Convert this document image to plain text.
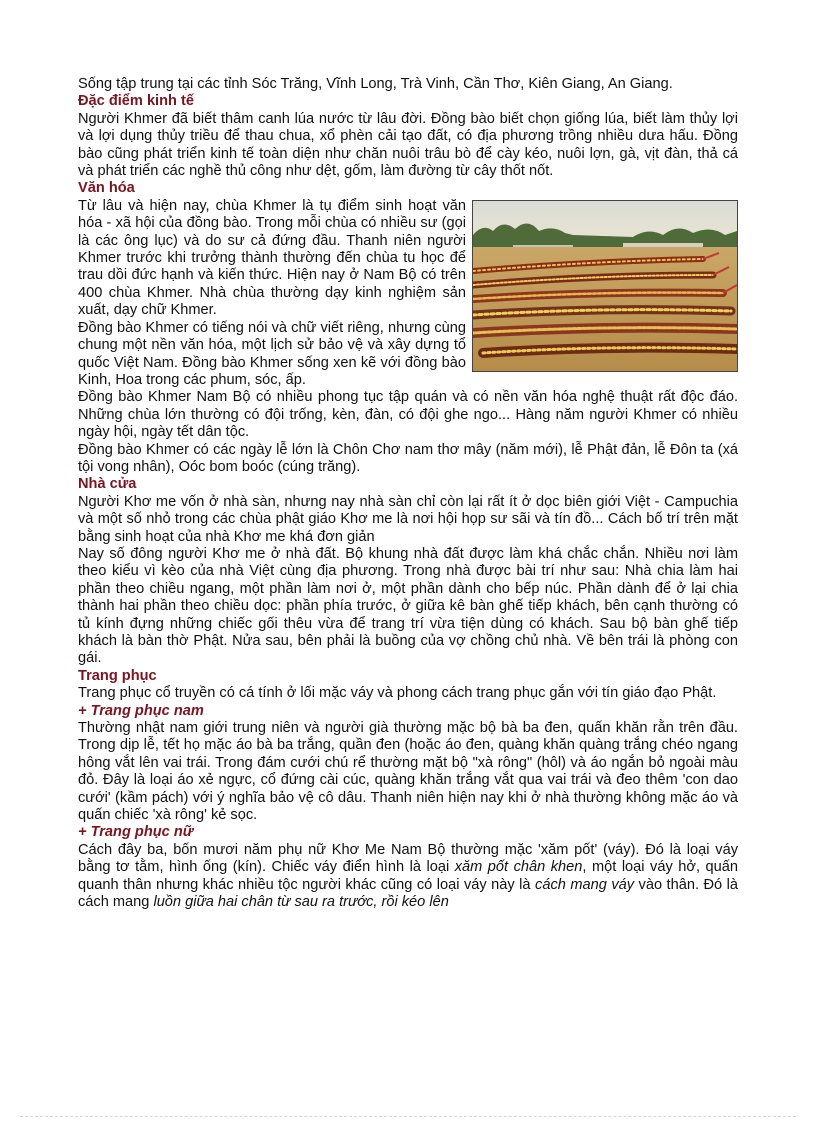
Sống tập trung tại các tỉnh Sóc Trăng, Vĩnh Long, Trà Vinh, Cần Thơ, Kiên Giang, An Giang.

Đặc điểm kinh tế

Người Khmer đã biết thâm canh lúa nước từ lâu đời. Đồng bào biết chọn giống lúa, biết làm thủy lợi và lợi dụng thủy triều để thau chua, xổ phèn cải tạo đất, có địa phương trồng nhiều dưa hấu. Đồng bào cũng phát triển kinh tế toàn diện như chăn nuôi trâu bò để cày kéo, nuôi lợn, gà, vịt đàn, thả cá và phát triển các nghề thủ công như dệt, gốm, làm đường từ cây thốt nốt.

Văn hóa

Từ lâu và hiện nay, chùa Khmer là tụ điểm sinh hoạt văn hóa - xã hội của đồng bào. Trong mỗi chùa có nhiều sư (gọi là các ông lục) và do sư cả đứng đầu. Thanh niên người Khmer trước khi trưởng thành thường đến chùa tu học để trau dồi đức hạnh và kiến thức. Hiện nay ở Nam Bộ có trên 400 chùa Khmer. Nhà chùa thường dạy kinh nghiệm sản xuất, dạy chữ Khmer.

Đồng bào Khmer có tiếng nói và chữ viết riêng, nhưng cùng chung một nền văn hóa, một lịch sử bảo vệ và xây dựng tổ quốc Việt Nam. Đồng bào Khmer sống xen kẽ với đồng bào Kinh, Hoa trong các phum, sóc, ấp.

Đồng bào Khmer Nam Bộ có nhiều phong tục tập quán và có nền văn hóa nghệ thuật rất độc đáo. Những chùa lớn thường có đội trống, kèn, đàn, có đội ghe ngo... Hàng năm người Khmer có nhiều ngày hội, ngày tết dân tộc.

Đồng bào Khmer có các ngày lễ lớn là Chôn Chơ nam thơ mây (năm mới), lễ Phật đản, lễ Đôn ta (xá tội vong nhân), Oóc bom boóc (cúng trăng).

Nhà cửa

Người Khơ me vốn ở nhà sàn, nhưng nay nhà sàn chỉ còn lại rất ít ở dọc biên giới Việt - Campuchia và một số nhỏ trong các chùa phật giáo Khơ me là nơi hội họp sư sãi và tín đồ... Cách bố trí trên mặt bằng sinh hoạt của nhà Khơ me khá đơn giản

Nay số đông người Khơ me ở nhà đất. Bộ khung nhà đất được làm khá chắc chắn. Nhiều nơi làm theo kiểu vì kèo của nhà Việt cùng địa phương. Trong nhà được bài trí như sau: Nhà chia làm hai phần theo chiều ngang, một phần làm nơi ở, một phần dành cho bếp núc. Phần dành để ở lại chia thành hai phần theo chiều dọc: phần phía trước, ở giữa kê bàn ghế tiếp khách, bên cạnh thường có tủ kính đựng những chiếc gối thêu vừa để trang trí vừa tiện dùng có khách. Sau bộ bàn ghế tiếp khách là bàn thờ Phật. Nửa sau, bên phải là buồng của vợ chồng chủ nhà. Về bên trái là phòng con gái.

Trang phục

Trang phục cổ truyền có cá tính ở lối mặc váy và phong cách trang phục gắn với tín giáo đạo Phật.

+ Trang phục nam

Thường nhật nam giới trung niên và người già thường mặc bộ bà ba đen, quấn khăn rằn trên đầu. Trong dịp lễ, tết họ mặc áo bà ba trắng, quần đen (hoặc áo đen, quàng khăn quàng trắng chéo ngang hông vắt lên vai trái. Trong đám cưới chú rể thường mặt bộ "xà rông" (hôl) và áo ngắn bỏ ngoài màu đỏ. Đây là loại áo xẻ ngực, cổ đứng cài cúc, quàng khăn trắng vắt qua vai trái và đeo thêm 'con dao cưới' (kầm pách) với ý nghĩa bảo vệ cô dâu. Thanh niên hiện nay khi ở nhà thường không mặc áo và quấn chiếc 'xà rông' kẻ sọc.

+ Trang phục nữ

Cách đây ba, bốn mươi năm phụ nữ Khơ Me Nam Bộ thường mặc 'xăm pốt' (váy). Đó là loại váy bằng tơ tằm, hình ống (kín). Chiếc váy điển hình là loại xăm pốt chân khen, một loại váy hở, quấn quanh thân nhưng khác nhiều tộc người khác cũng có loại váy này là cách mang váy vào thân. Đó là cách mang luồn giữa hai chân từ sau ra trước, rồi kéo lên
